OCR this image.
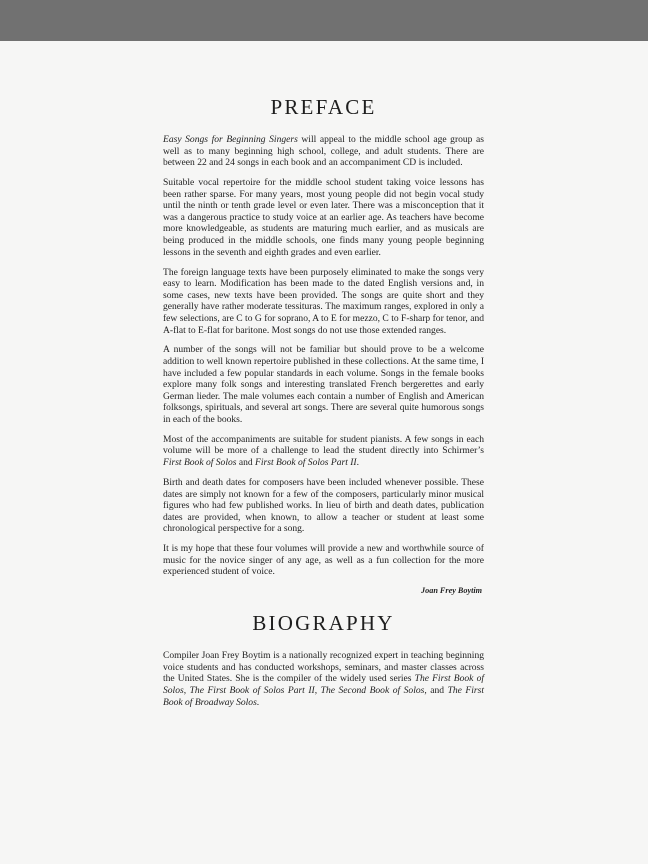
PREFACE

Easy Songs for Beginning Singers will appeal to the middle school age group as well as to many beginning high school, college, and adult students. There are between 22 and 24 songs in each book and an accompaniment CD is included.

Suitable vocal repertoire for the middle school student taking voice lessons has been rather sparse. For many years, most young people did not begin vocal study until the ninth or tenth grade level or even later. There was a misconception that it was a dangerous practice to study voice at an earlier age. As teachers have become more knowledgeable, as students are maturing much earlier, and as musicals are being produced in the middle schools, one finds many young people beginning lessons in the seventh and eighth grades and even earlier.

The foreign language texts have been purposely eliminated to make the songs very easy to learn. Modification has been made to the dated English versions and, in some cases, new texts have been provided. The songs are quite short and they generally have rather moderate tessituras. The maximum ranges, explored in only a few selections, are C to G for soprano, A to E for mezzo, C to F-sharp for tenor, and A-flat to E-flat for baritone. Most songs do not use those extended ranges.

A number of the songs will not be familiar but should prove to be a welcome addition to well known repertoire published in these collections. At the same time, I have included a few popular standards in each volume. Songs in the female books explore many folk songs and interesting translated French bergerettes and early German lieder. The male volumes each contain a number of English and American folksongs, spirituals, and several art songs. There are several quite humorous songs in each of the books.

Most of the accompaniments are suitable for student pianists. A few songs in each volume will be more of a challenge to lead the student directly into Schirmer’s First Book of Solos and First Book of Solos Part II.

Birth and death dates for composers have been included whenever possible. These dates are simply not known for a few of the composers, particularly minor musical figures who had few published works. In lieu of birth and death dates, publication dates are provided, when known, to allow a teacher or student at least some chronological perspective for a song.

It is my hope that these four volumes will provide a new and worthwhile source of music for the novice singer of any age, as well as a fun collection for the more experienced student of voice.

Joan Frey Boytim
BIOGRAPHY

Compiler Joan Frey Boytim is a nationally recognized expert in teaching beginning voice students and has conducted workshops, seminars, and master classes across the United States. She is the compiler of the widely used series The First Book of Solos, The First Book of Solos Part II, The Second Book of Solos, and The First Book of Broadway Solos.
